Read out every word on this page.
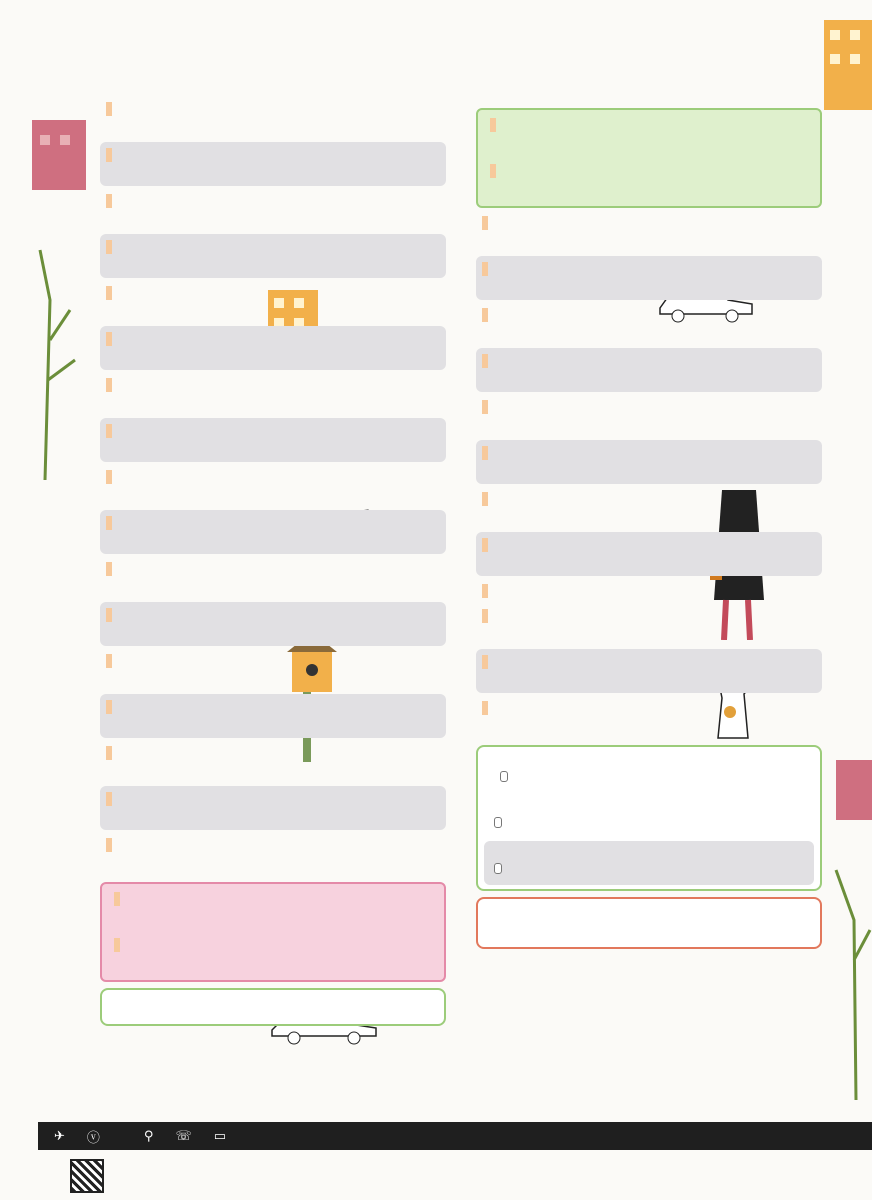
✈ ⓥ	⚲ ☏ ▭
